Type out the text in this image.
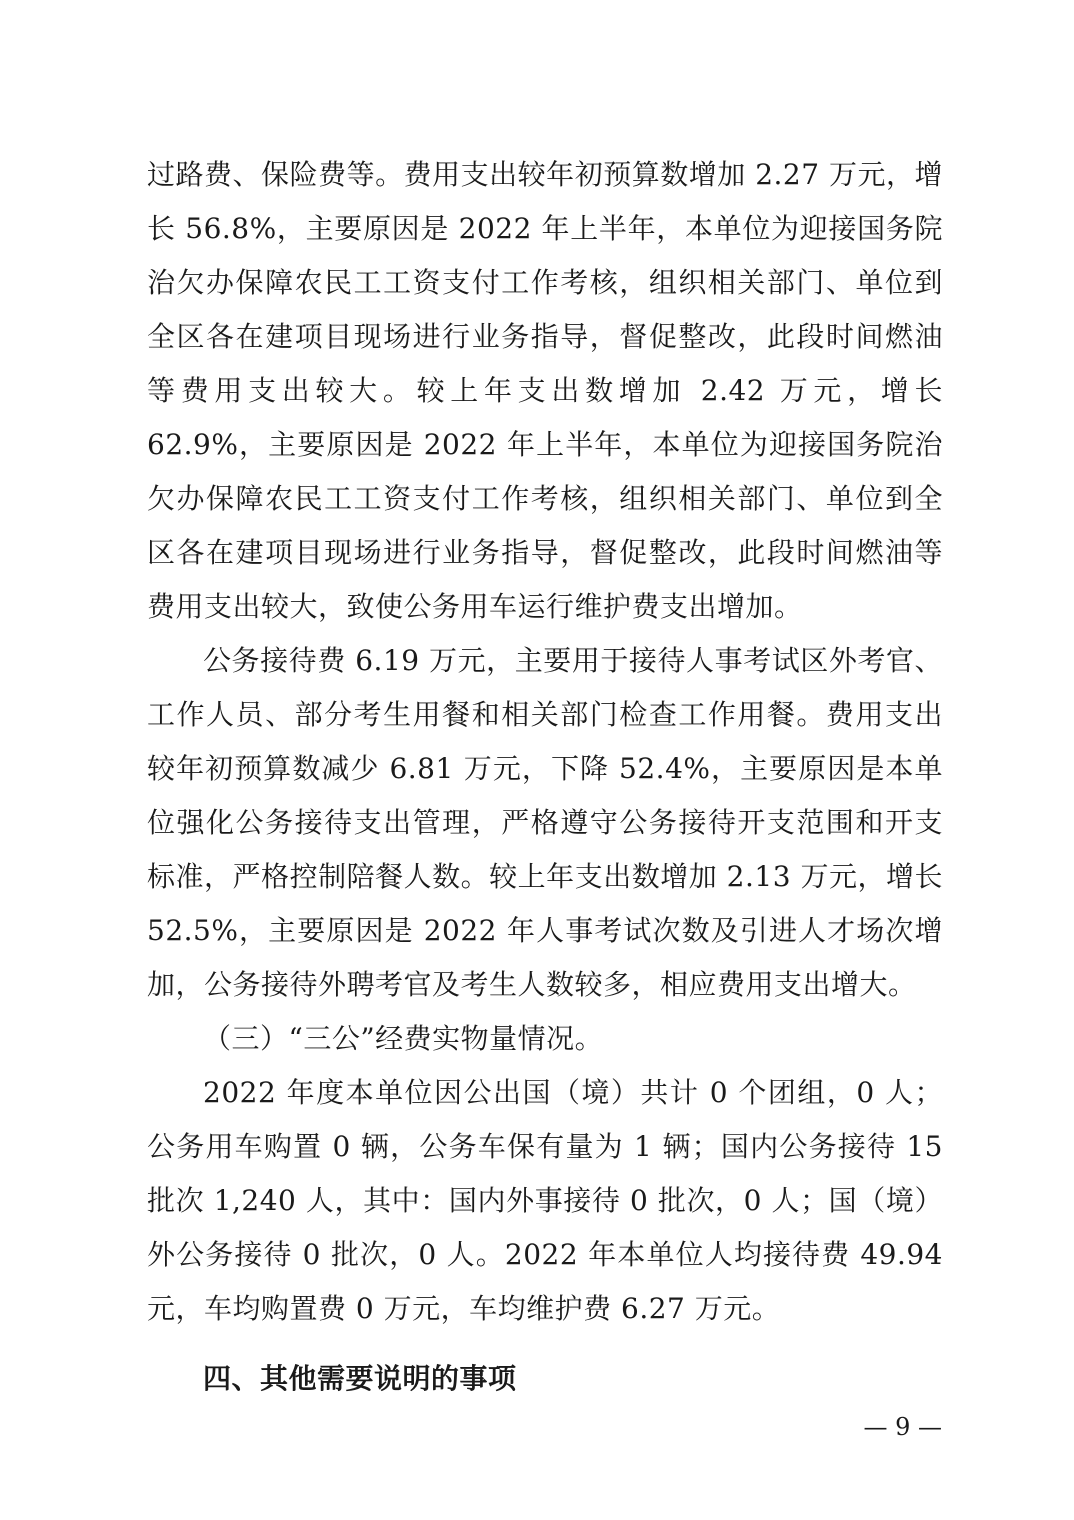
过路费、保险费等。费用支出较年初预算数增加 2.27 万元，增长 56.8%，主要原因是 2022 年上半年，本单位为迎接国务院治欠办保障农民工工资支付工作考核，组织相关部门、单位到全区各在建项目现场进行业务指导，督促整改，此段时间燃油等费用支出较大。较上年支出数增加 2.42 万元，增长 62.9%，主要原因是 2022 年上半年，本单位为迎接国务院治欠办保障农民工工资支付工作考核，组织相关部门、单位到全区各在建项目现场进行业务指导，督促整改，此段时间燃油等费用支出较大，致使公务用车运行维护费支出增加。

公务接待费 6.19 万元，主要用于接待人事考试区外考官、工作人员、部分考生用餐和相关部门检查工作用餐。费用支出较年初预算数减少 6.81 万元，下降 52.4%，主要原因是本单位强化公务接待支出管理，严格遵守公务接待开支范围和开支标准，严格控制陪餐人数。较上年支出数增加 2.13 万元，增长 52.5%，主要原因是 2022 年人事考试次数及引进人才场次增加，公务接待外聘考官及考生人数较多，相应费用支出增大。

（三）“三公”经费实物量情况。

2022 年度本单位因公出国（境）共计 0 个团组，0 人；公务用车购置 0 辆，公务车保有量为 1 辆；国内公务接待 15 批次 1,240 人，其中：国内外事接待 0 批次，0 人；国（境）外公务接待 0 批次，0 人。2022 年本单位人均接待费 49.94 元，车均购置费 0 万元，车均维护费 6.27 万元。

四、其他需要说明的事项

— 9 —
